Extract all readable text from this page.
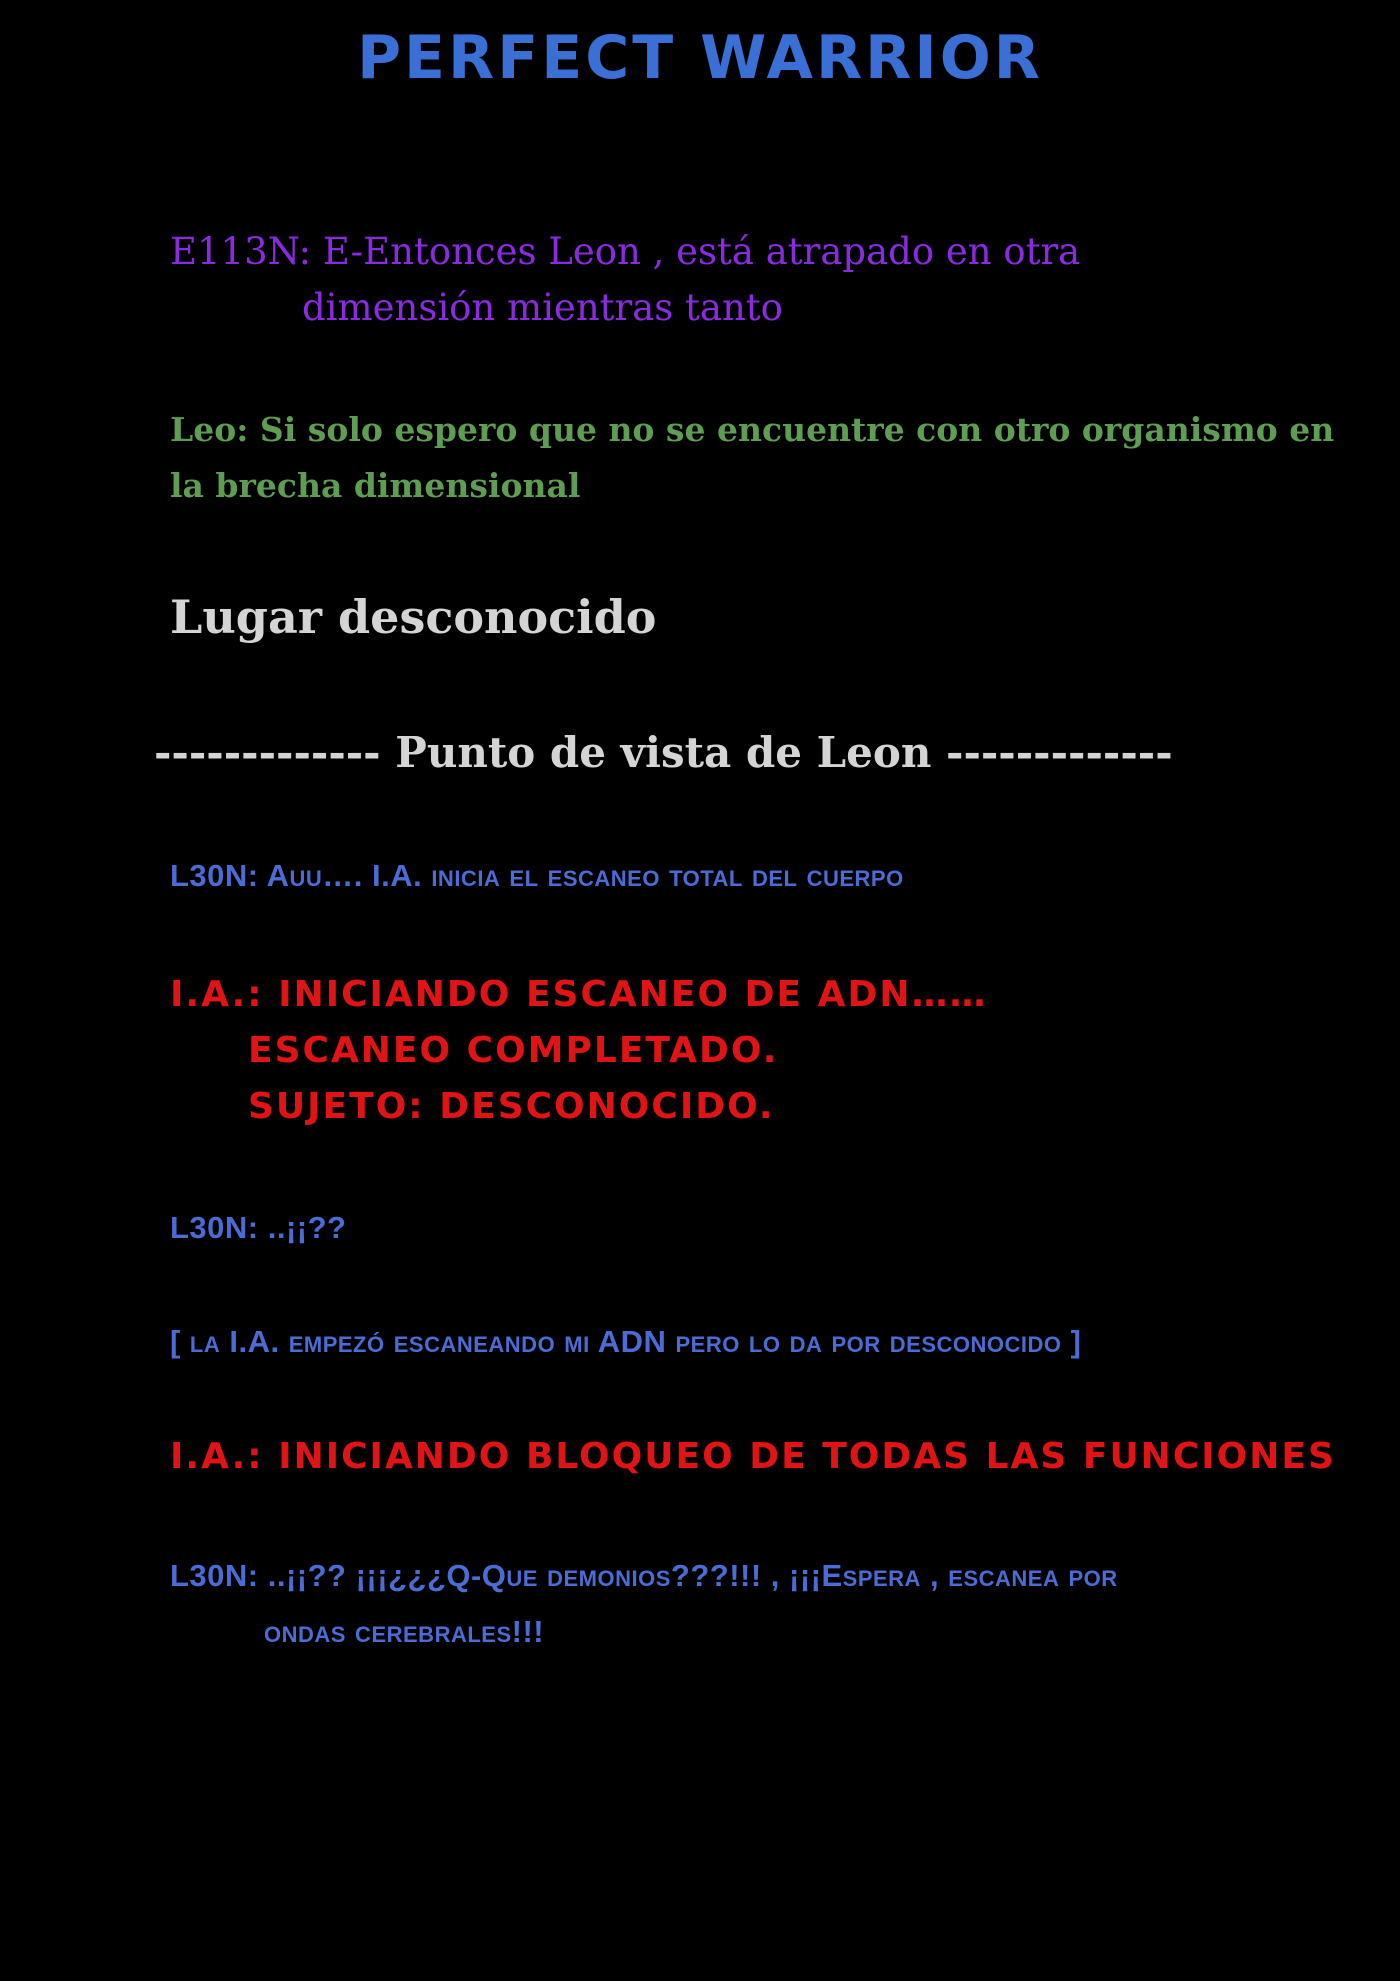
PERFECT WARRIOR

E113N: E-Entonces Leon , está atrapado en otra

dimensión mientras tanto

Leo: Si solo espero que no se encuentre con otro organismo en

la brecha dimensional

Lugar desconocido

------------- Punto de vista de Leon -------------

L30N: Auu…. I.A. inicia el escaneo total del cuerpo

I.A.: INICIANDO ESCANEO DE ADN……

ESCANEO COMPLETADO.

SUJETO: DESCONOCIDO.

L30N: ..¡¡??

[ la I.A. empezó escaneando mi ADN pero lo da por desconocido ]

I.A.: INICIANDO BLOQUEO DE TODAS LAS FUNCIONES

L30N: ..¡¡?? ¡¡¡¿¿¿Q-Que demonios???!!! , ¡¡¡Espera , escanea por

ondas cerebrales!!!
